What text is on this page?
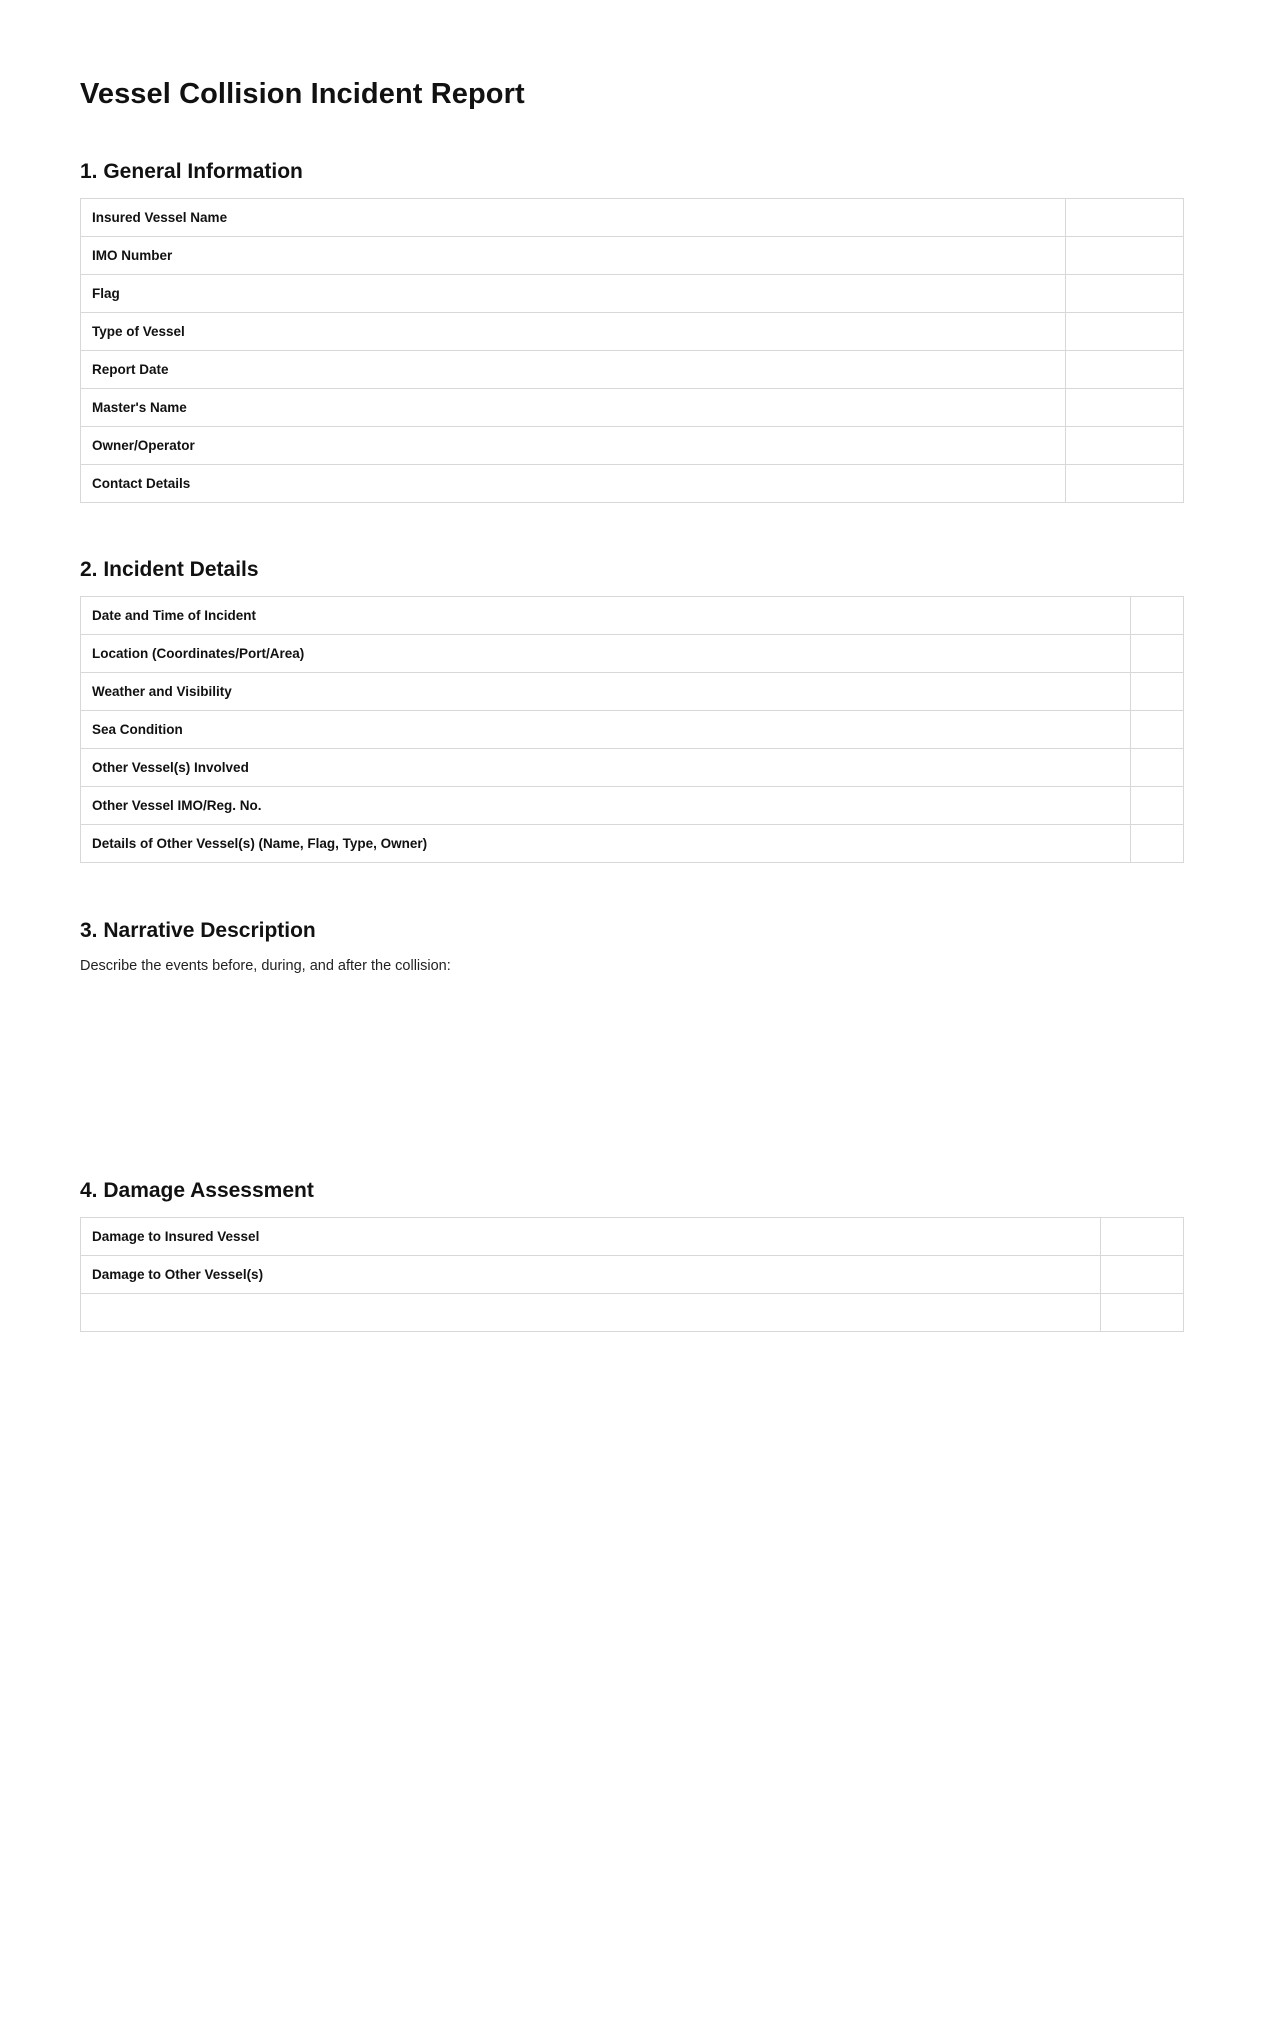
Vessel Collision Incident Report
1. General Information
Insured Vessel Name	
IMO Number	
Flag	
Type of Vessel	
Report Date	
Master's Name	
Owner/Operator	
Contact Details	
2. Incident Details
Date and Time of Incident	
Location (Coordinates/Port/Area)	
Weather and Visibility	
Sea Condition	
Other Vessel(s) Involved	
Other Vessel IMO/Reg. No.	
Details of Other Vessel(s) (Name, Flag, Type, Owner)	
3. Narrative Description
Describe the events before, during, and after the collision:
4. Damage Assessment
Damage to Insured Vessel	
Damage to Other Vessel(s)	
